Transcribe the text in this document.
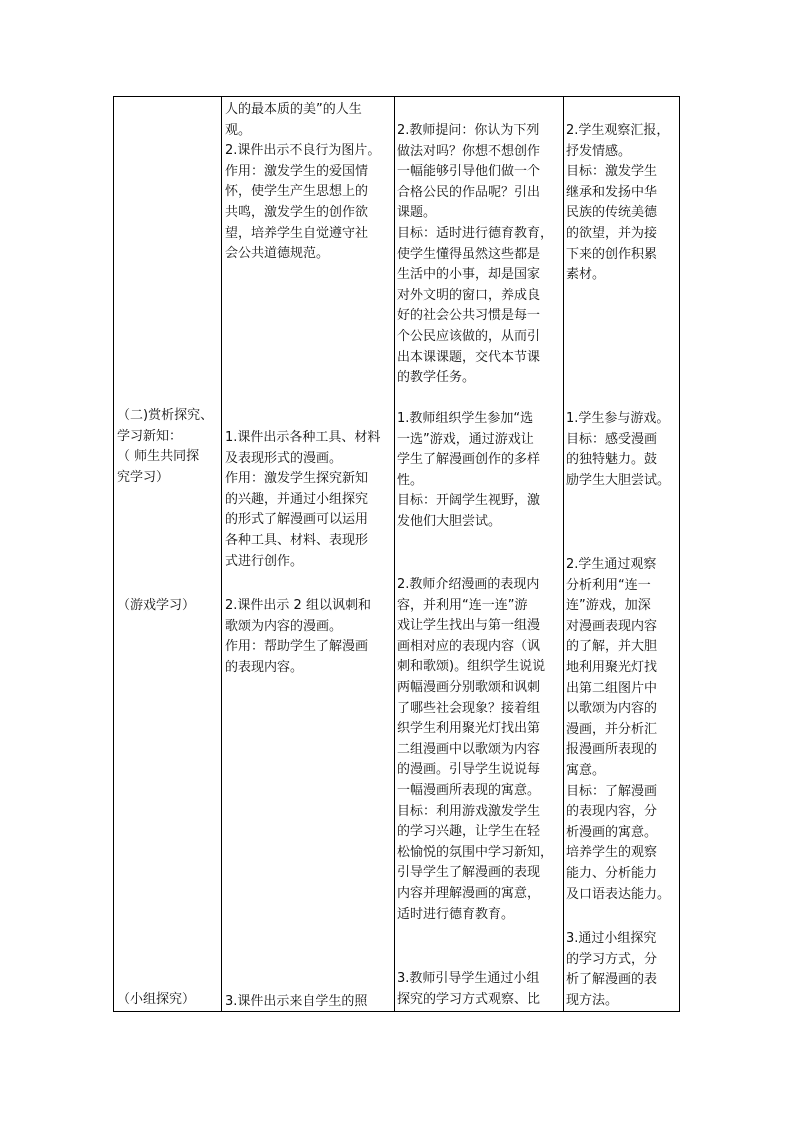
（二)赏析探究、
学习新知：
（ 师生共同探
究学习）
（游戏学习）
（小组探究）
人的最本质的美”的人生
观。
2.课件出示不良行为图片。
作用：激发学生的爱国情
怀，使学生产生思想上的
共鸣，激发学生的创作欲
望，培养学生自觉遵守社
会公共道德规范。
1.课件出示各种工具、材料
及表现形式的漫画。
作用：激发学生探究新知
的兴趣，并通过小组探究
的形式了解漫画可以运用
各种工具、材料、表现形
式进行创作。
2.课件出示 2 组以讽刺和
歌颂为内容的漫画。
作用：帮助学生了解漫画
的表现内容。
3.课件出示来自学生的照
2.教师提问：你认为下列
做法对吗？你想不想创作
一幅能够引导他们做一个
合格公民的作品呢？引出
课题。
目标：适时进行德育教育，
使学生懂得虽然这些都是
生活中的小事，却是国家
对外文明的窗口，养成良
好的社会公共习惯是每一
个公民应该做的，从而引
出本课课题，交代本节课
的教学任务。
1.教师组织学生参加“选
一选”游戏，通过游戏让
学生了解漫画创作的多样
性。
目标：开阔学生视野，激
发他们大胆尝试。
2.教师介绍漫画的表现内
容，并利用“连一连”游
戏让学生找出与第一组漫
画相对应的表现内容（讽
刺和歌颂)。组织学生说说
两幅漫画分别歌颂和讽刺
了哪些社会现象？接着组
织学生利用聚光灯找出第
二组漫画中以歌颂为内容
的漫画。引导学生说说每
一幅漫画所表现的寓意。
目标：利用游戏激发学生
的学习兴趣，让学生在轻
松愉悦的氛围中学习新知，
引导学生了解漫画的表现
内容并理解漫画的寓意，
适时进行德育教育。
3.教师引导学生通过小组
探究的学习方式观察、比
2.学生观察汇报，
抒发情感。
目标：激发学生
继承和发扬中华
民族的传统美德
的欲望，并为接
下来的创作积累
素材。
1.学生参与游戏。
目标：感受漫画
的独特魅力。鼓
励学生大胆尝试。
2.学生通过观察
分析利用“连一
连”游戏，加深
对漫画表现内容
的了解，并大胆
地利用聚光灯找
出第二组图片中
以歌颂为内容的
漫画，并分析汇
报漫画所表现的
寓意。
目标：了解漫画
的表现内容，分
析漫画的寓意。
培养学生的观察
能力、分析能力
及口语表达能力。
3.通过小组探究
的学习方式，分
析了解漫画的表
现方法。
